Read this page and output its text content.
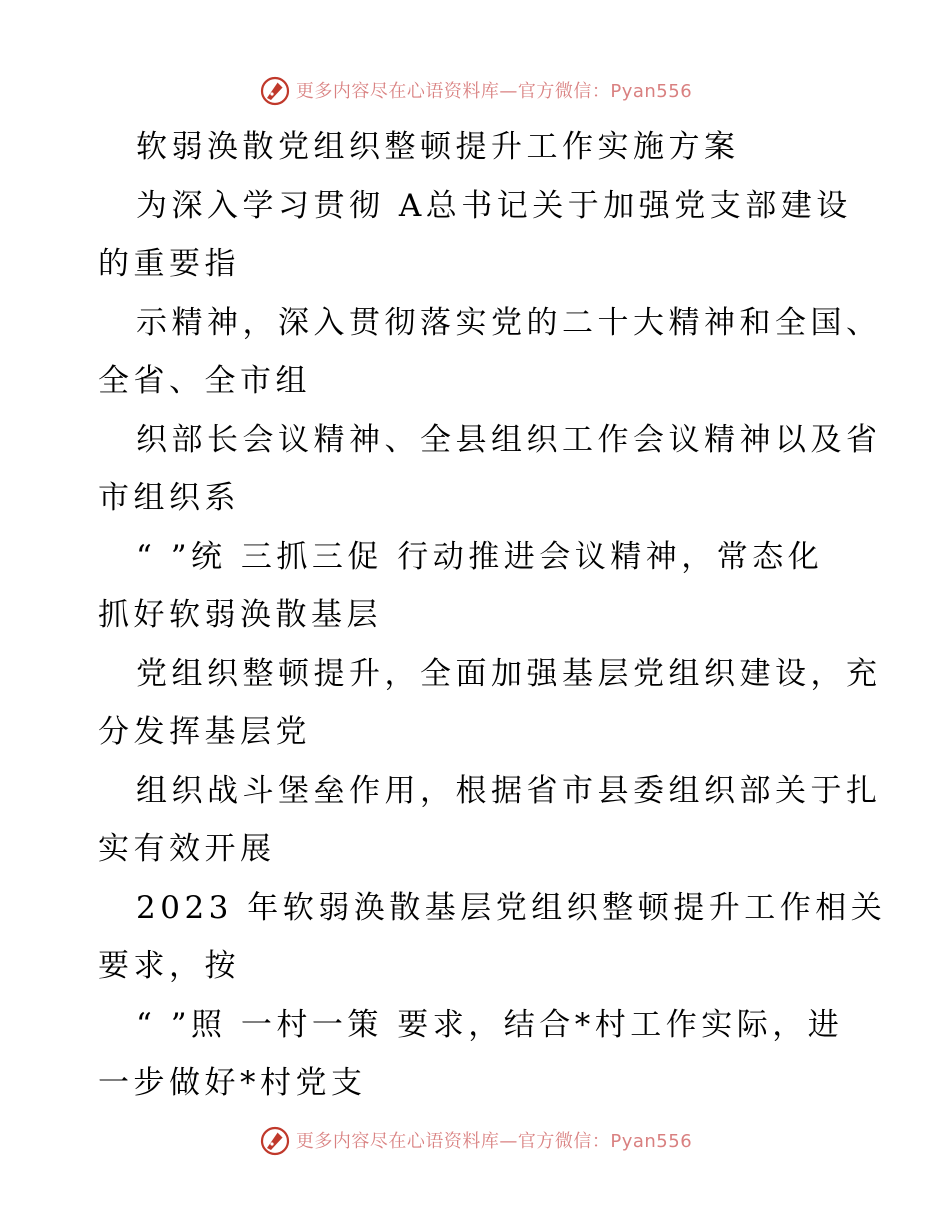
更多内容尽在心语资料库—官方微信：Pyan556
软弱涣散党组织整顿提升工作实施方案
为深入学习贯彻 A总书记关于加强党支部建设
的重要指
示精神，深入贯彻落实党的二十大精神和全国、
全省、全市组
织部长会议精神、全县组织工作会议精神以及省
市组织系
“ ”统 三抓三促 行动推进会议精神，常态化
抓好软弱涣散基层
党组织整顿提升，全面加强基层党组织建设，充
分发挥基层党
组织战斗堡垒作用，根据省市县委组织部关于扎
实有效开展
2023 年软弱涣散基层党组织整顿提升工作相关
要求，按
“ ”照 一村一策 要求，结合*村工作实际，进
一步做好*村党支
更多内容尽在心语资料库—官方微信：Pyan556
